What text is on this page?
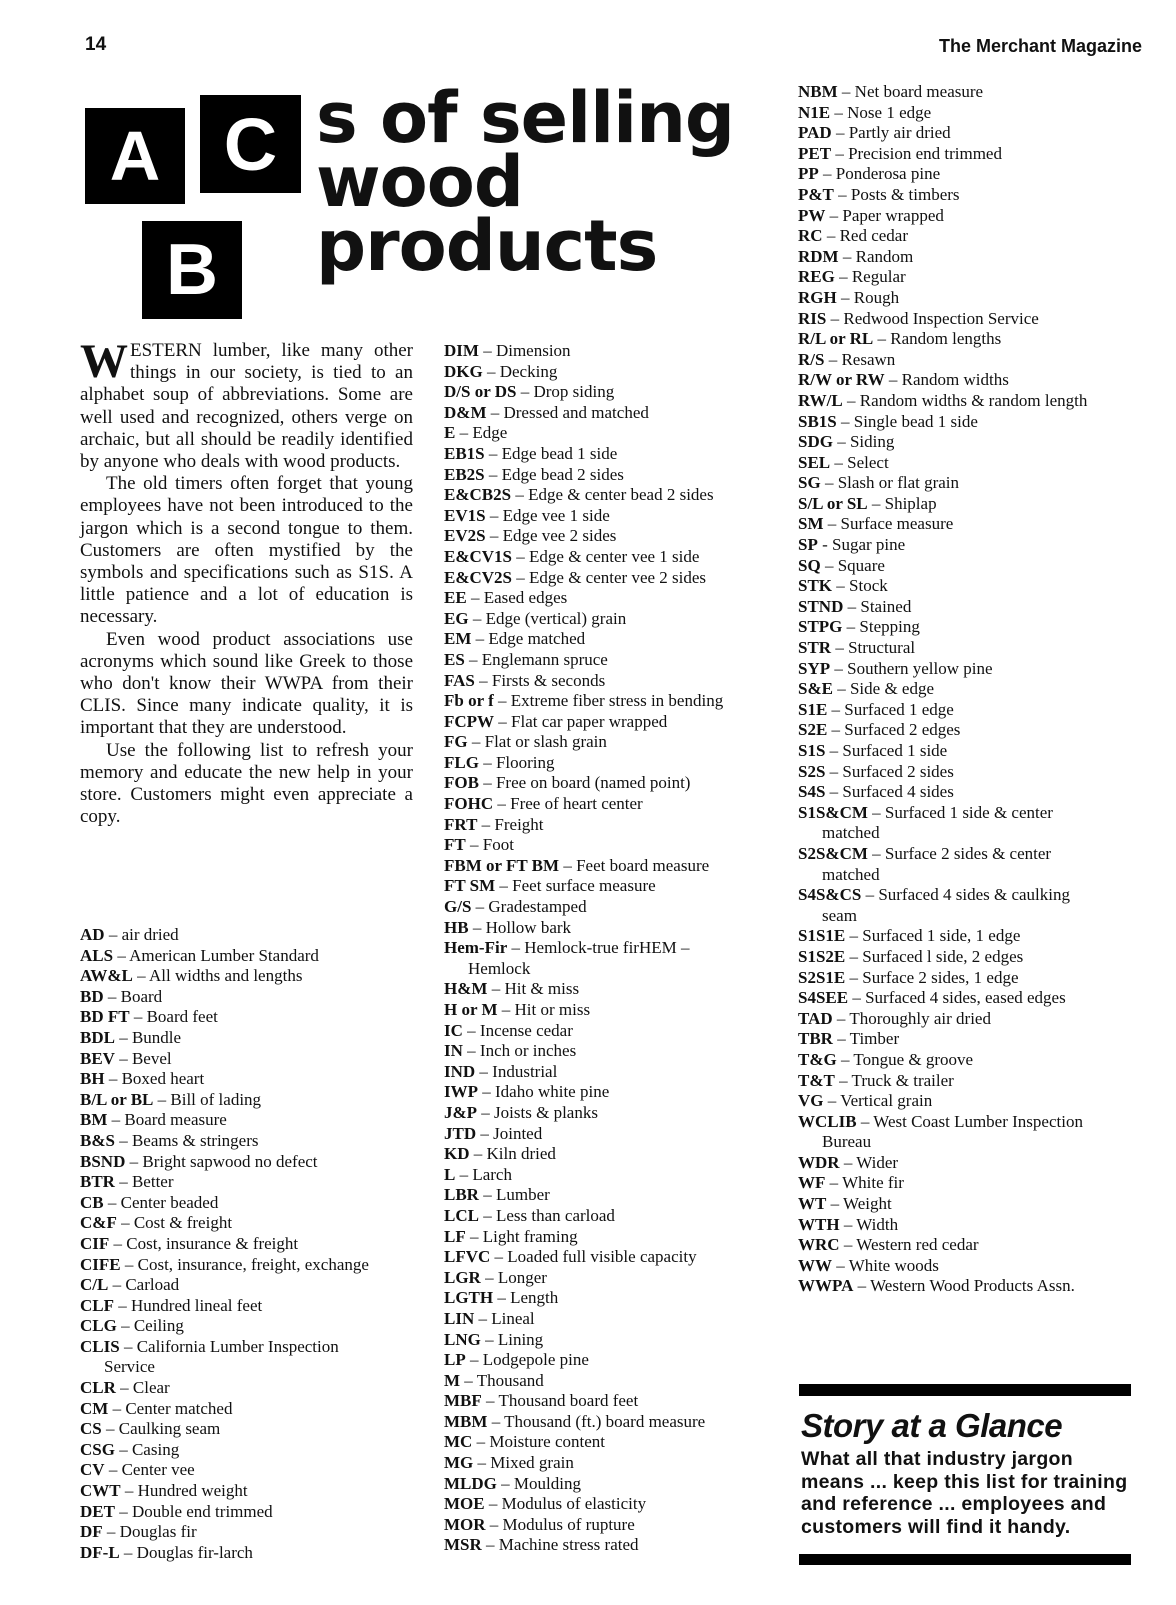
14	The Merchant Magazine
A C
B
s of selling
wood
products

WESTERN lumber, like many other things in our society, is tied to an alphabet soup of abbreviations. Some are well used and recognized, others verge on archaic, but all should be readily identified by anyone who deals with wood products.

The old timers often forget that young employees have not been introduced to the jargon which is a second tongue to them. Customers are often mystified by the symbols and specifications such as S1S. A little patience and a lot of education is necessary.

Even wood product associations use acronyms which sound like Greek to those who don't know their WWPA from their CLIS. Since many indicate quality, it is important that they are understood.

Use the following list to refresh your memory and educate the new help in your store. Customers might even appreciate a copy.

AD – air dried
ALS – American Lumber Standard
AW&L – All widths and lengths
BD – Board
BD FT – Board feet
BDL – Bundle
BEV – Bevel
BH – Boxed heart
B/L or BL – Bill of lading
BM – Board measure
B&S – Beams & stringers
BSND – Bright sapwood no defect
BTR – Better
CB – Center beaded
C&F – Cost & freight
CIF – Cost, insurance & freight
CIFE – Cost, insurance, freight, exchange
C/L – Carload
CLF – Hundred lineal feet
CLG – Ceiling
CLIS – California Lumber Inspection
Service
CLR – Clear
CM – Center matched
CS – Caulking seam
CSG – Casing
CV – Center vee
CWT – Hundred weight
DET – Double end trimmed
DF – Douglas fir
DF-L – Douglas fir-larch
DIM – Dimension
DKG – Decking
D/S or DS – Drop siding
D&M – Dressed and matched
E – Edge
EB1S – Edge bead 1 side
EB2S – Edge bead 2 sides
E&CB2S – Edge & center bead 2 sides
EV1S – Edge vee 1 side
EV2S – Edge vee 2 sides
E&CV1S – Edge & center vee 1 side
E&CV2S – Edge & center vee 2 sides
EE – Eased edges
EG – Edge (vertical) grain
EM – Edge matched
ES – Englemann spruce
FAS – Firsts & seconds
Fb or f – Extreme fiber stress in bending
FCPW – Flat car paper wrapped
FG – Flat or slash grain
FLG – Flooring
FOB – Free on board (named point)
FOHC – Free of heart center
FRT – Freight
FT – Foot
FBM or FT BM – Feet board measure
FT SM – Feet surface measure
G/S – Gradestamped
HB – Hollow bark
Hem-Fir – Hemlock-true firHEM –
Hemlock
H&M – Hit & miss
H or M – Hit or miss
IC – Incense cedar
IN – Inch or inches
IND – Industrial
IWP – Idaho white pine
J&P – Joists & planks
JTD – Jointed
KD – Kiln dried
L – Larch
LBR – Lumber
LCL – Less than carload
LF – Light framing
LFVC – Loaded full visible capacity
LGR – Longer
LGTH – Length
LIN – Lineal
LNG – Lining
LP – Lodgepole pine
M – Thousand
MBF – Thousand board feet
MBM – Thousand (ft.) board measure
MC – Moisture content
MG – Mixed grain
MLDG – Moulding
MOE – Modulus of elasticity
MOR – Modulus of rupture
MSR – Machine stress rated
NBM – Net board measure
N1E – Nose 1 edge
PAD – Partly air dried
PET – Precision end trimmed
PP – Ponderosa pine
P&T – Posts & timbers
PW – Paper wrapped
RC – Red cedar
RDM – Random
REG – Regular
RGH – Rough
RIS – Redwood Inspection Service
R/L or RL – Random lengths
R/S – Resawn
R/W or RW – Random widths
RW/L – Random widths & random length
SB1S – Single bead 1 side
SDG – Siding
SEL – Select
SG – Slash or flat grain
S/L or SL – Shiplap
SM – Surface measure
SP - Sugar pine
SQ – Square
STK – Stock
STND – Stained
STPG – Stepping
STR – Structural
SYP – Southern yellow pine
S&E – Side & edge
S1E – Surfaced 1 edge
S2E – Surfaced 2 edges
S1S – Surfaced 1 side
S2S – Surfaced 2 sides
S4S – Surfaced 4 sides
S1S&CM – Surfaced 1 side & center
matched
S2S&CM – Surface 2 sides & center
matched
S4S&CS – Surfaced 4 sides & caulking
seam
S1S1E – Surfaced 1 side, 1 edge
S1S2E – Surfaced l side, 2 edges
S2S1E – Surface 2 sides, 1 edge
S4SEE – Surfaced 4 sides, eased edges
TAD – Thoroughly air dried
TBR – Timber
T&G – Tongue & groove
T&T – Truck & trailer
VG – Vertical grain
WCLIB – West Coast Lumber Inspection
Bureau
WDR – Wider
WF – White fir
WT – Weight
WTH – Width
WRC – Western red cedar
WW – White woods
WWPA – Western Wood Products Assn.
Story at a Glance
What all that industry jargon means ... keep this list for training and reference ... employees and customers will find it handy.
